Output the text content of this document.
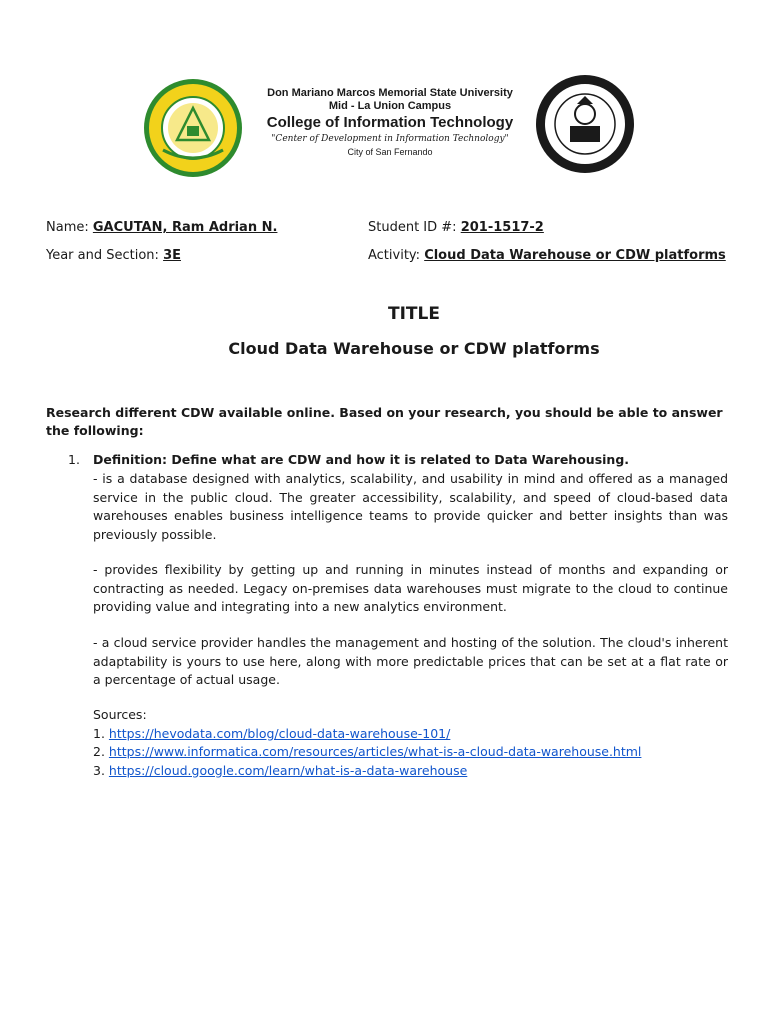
Don Mariano Marcos Memorial State University
Mid - La Union Campus
College of Information Technology
"Center of Development in Information Technology"
City of San Fernando
Name: GACUTAN, Ram Adrian N.	Student ID #: 201-1517-2
Year and Section: 3E	Activity: Cloud Data Warehouse or CDW platforms
TITLE
Cloud Data Warehouse or CDW platforms
Research different CDW available online. Based on your research, you should be able to answer the following:
1. Definition: Define what are CDW and how it is related to Data Warehousing.
- is a database designed with analytics, scalability, and usability in mind and offered as a managed service in the public cloud. The greater accessibility, scalability, and speed of cloud-based data warehouses enables business intelligence teams to provide quicker and better insights than was previously possible.
- provides flexibility by getting up and running in minutes instead of months and expanding or contracting as needed. Legacy on-premises data warehouses must migrate to the cloud to continue providing value and integrating into a new analytics environment.
- a cloud service provider handles the management and hosting of the solution. The cloud's inherent adaptability is yours to use here, along with more predictable prices that can be set at a flat rate or a percentage of actual usage.
Sources:
1. https://hevodata.com/blog/cloud-data-warehouse-101/
2. https://www.informatica.com/resources/articles/what-is-a-cloud-data-warehouse.html
3. https://cloud.google.com/learn/what-is-a-data-warehouse
